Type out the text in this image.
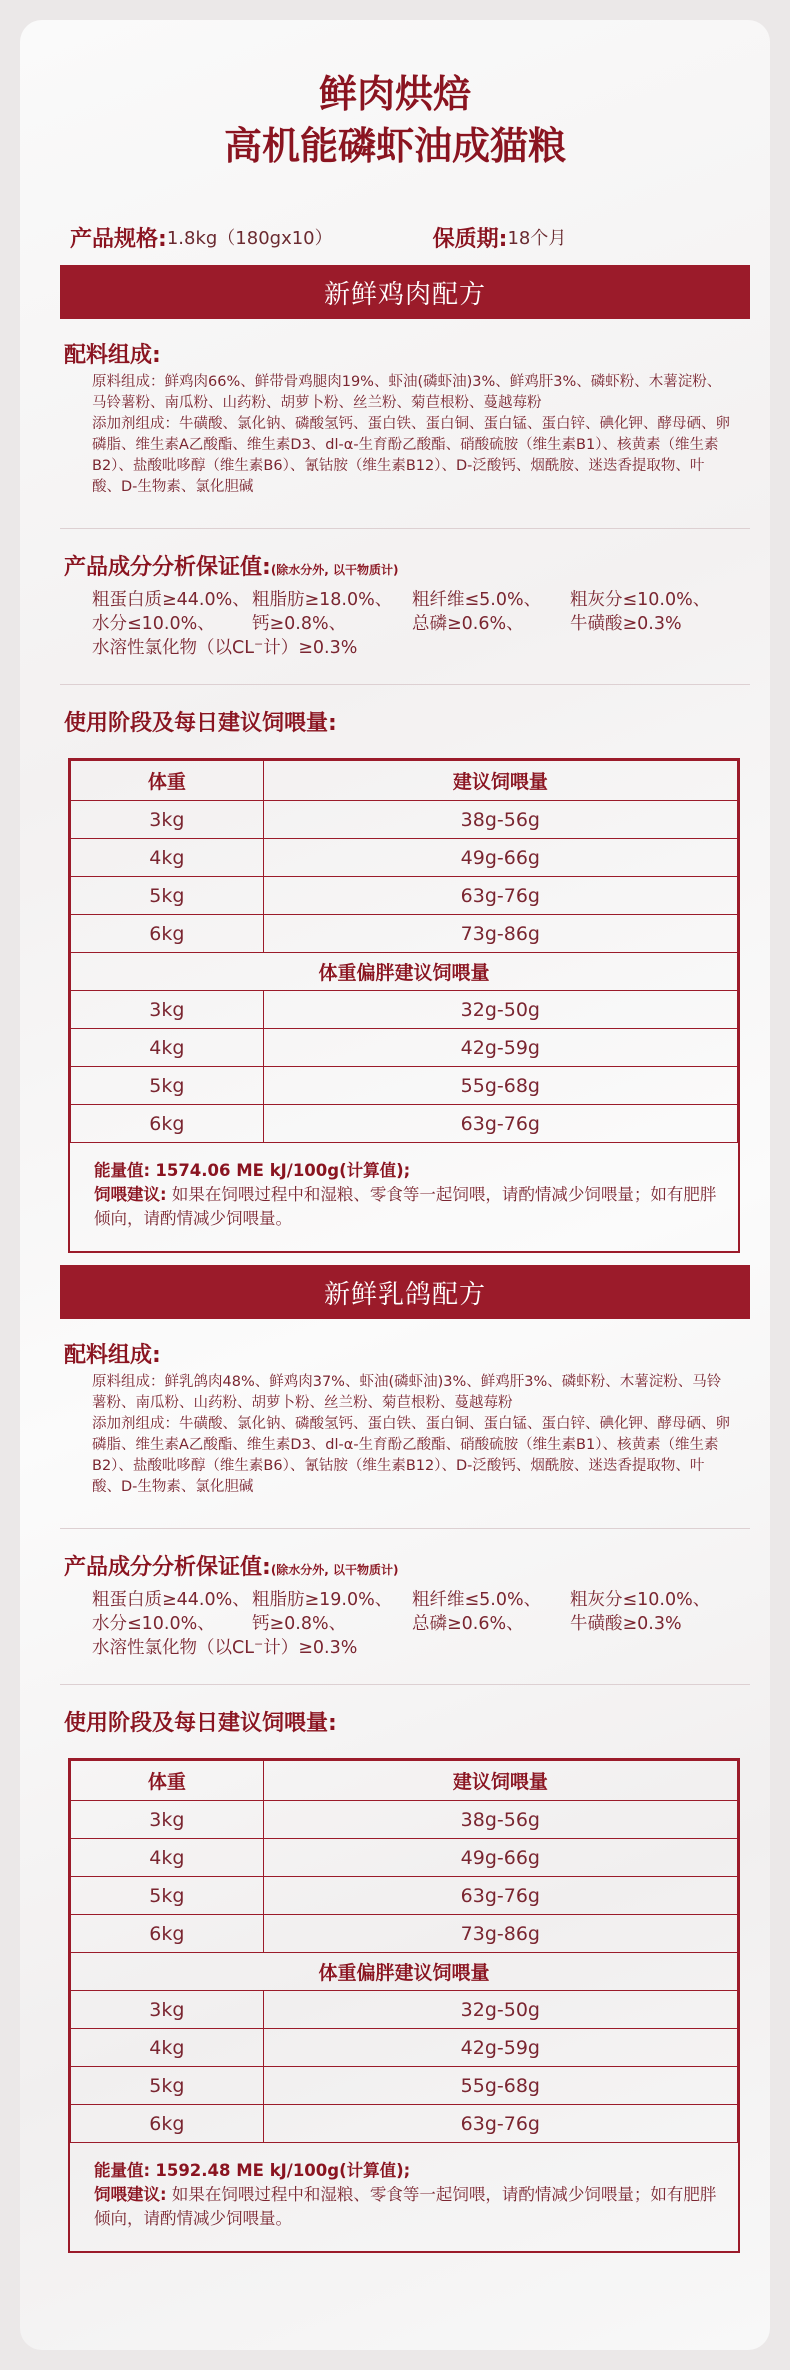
鲜肉烘焙
高机能磷虾油成猫粮
产品规格: 1.8kg（180gx10）	保质期: 18个月
新鲜鸡肉配方
配料组成:
原料组成：鲜鸡肉66%、鲜带骨鸡腿肉19%、虾油(磷虾油)3%、鲜鸡肝3%、磷虾粉、木薯淀粉、马铃薯粉、南瓜粉、山药粉、胡萝卜粉、丝兰粉、菊苣根粉、蔓越莓粉
添加剂组成：牛磺酸、氯化钠、磷酸氢钙、蛋白铁、蛋白铜、蛋白锰、蛋白锌、碘化钾、酵母硒、卵磷脂、维生素A乙酸酯、维生素D3、dl-α-生育酚乙酸酯、硝酸硫胺（维生素B1）、核黄素（维生素B2）、盐酸吡哆醇（维生素B6）、氰钴胺（维生素B12）、D-泛酸钙、烟酰胺、迷迭香提取物、叶酸、D-生物素、氯化胆碱
产品成分分析保证值:(除水分外, 以干物质计)
粗蛋白质≥44.0%、 粗脂肪≥18.0%、	粗纤维≤5.0%、	粗灰分≤10.0%、
水分≤10.0%、	钙≥0.8%、	总磷≥0.6%、	牛磺酸≥0.3%
水溶性氯化物（以CL⁻计）≥0.3%
使用阶段及每日建议饲喂量:
体重	建议饲喂量
3kg	38g-56g
4kg	49g-66g
5kg	63g-76g
6kg	73g-86g
体重偏胖建议饲喂量	
3kg	32g-50g
4kg	42g-59g
5kg	55g-68g
6kg	63g-76g
能量值: 1574.06 ME kJ/100g(计算值);
饲喂建议: 如果在饲喂过程中和湿粮、零食等一起饲喂，请酌情减少饲喂量；如有肥胖倾向，请酌情减少饲喂量。
新鲜乳鸽配方
配料组成:
原料组成：鲜乳鸽肉48%、鲜鸡肉37%、虾油(磷虾油)3%、鲜鸡肝3%、磷虾粉、木薯淀粉、马铃薯粉、南瓜粉、山药粉、胡萝卜粉、丝兰粉、菊苣根粉、蔓越莓粉
添加剂组成：牛磺酸、氯化钠、磷酸氢钙、蛋白铁、蛋白铜、蛋白锰、蛋白锌、碘化钾、酵母硒、卵磷脂、维生素A乙酸酯、维生素D3、dl-α-生育酚乙酸酯、硝酸硫胺（维生素B1）、核黄素（维生素B2）、盐酸吡哆醇（维生素B6）、氰钴胺（维生素B12）、D-泛酸钙、烟酰胺、迷迭香提取物、叶酸、D-生物素、氯化胆碱
产品成分分析保证值:(除水分外, 以干物质计)
粗蛋白质≥44.0%、 粗脂肪≥19.0%、	粗纤维≤5.0%、	粗灰分≤10.0%、
水分≤10.0%、	钙≥0.8%、	总磷≥0.6%、	牛磺酸≥0.3%
水溶性氯化物（以CL⁻计）≥0.3%
使用阶段及每日建议饲喂量:
体重	建议饲喂量
3kg	38g-56g
4kg	49g-66g
5kg	63g-76g
6kg	73g-86g
体重偏胖建议饲喂量	
3kg	32g-50g
4kg	42g-59g
5kg	55g-68g
6kg	63g-76g
能量值: 1592.48 ME kJ/100g(计算值);
饲喂建议: 如果在饲喂过程中和湿粮、零食等一起饲喂，请酌情减少饲喂量；如有肥胖倾向，请酌情减少饲喂量。
